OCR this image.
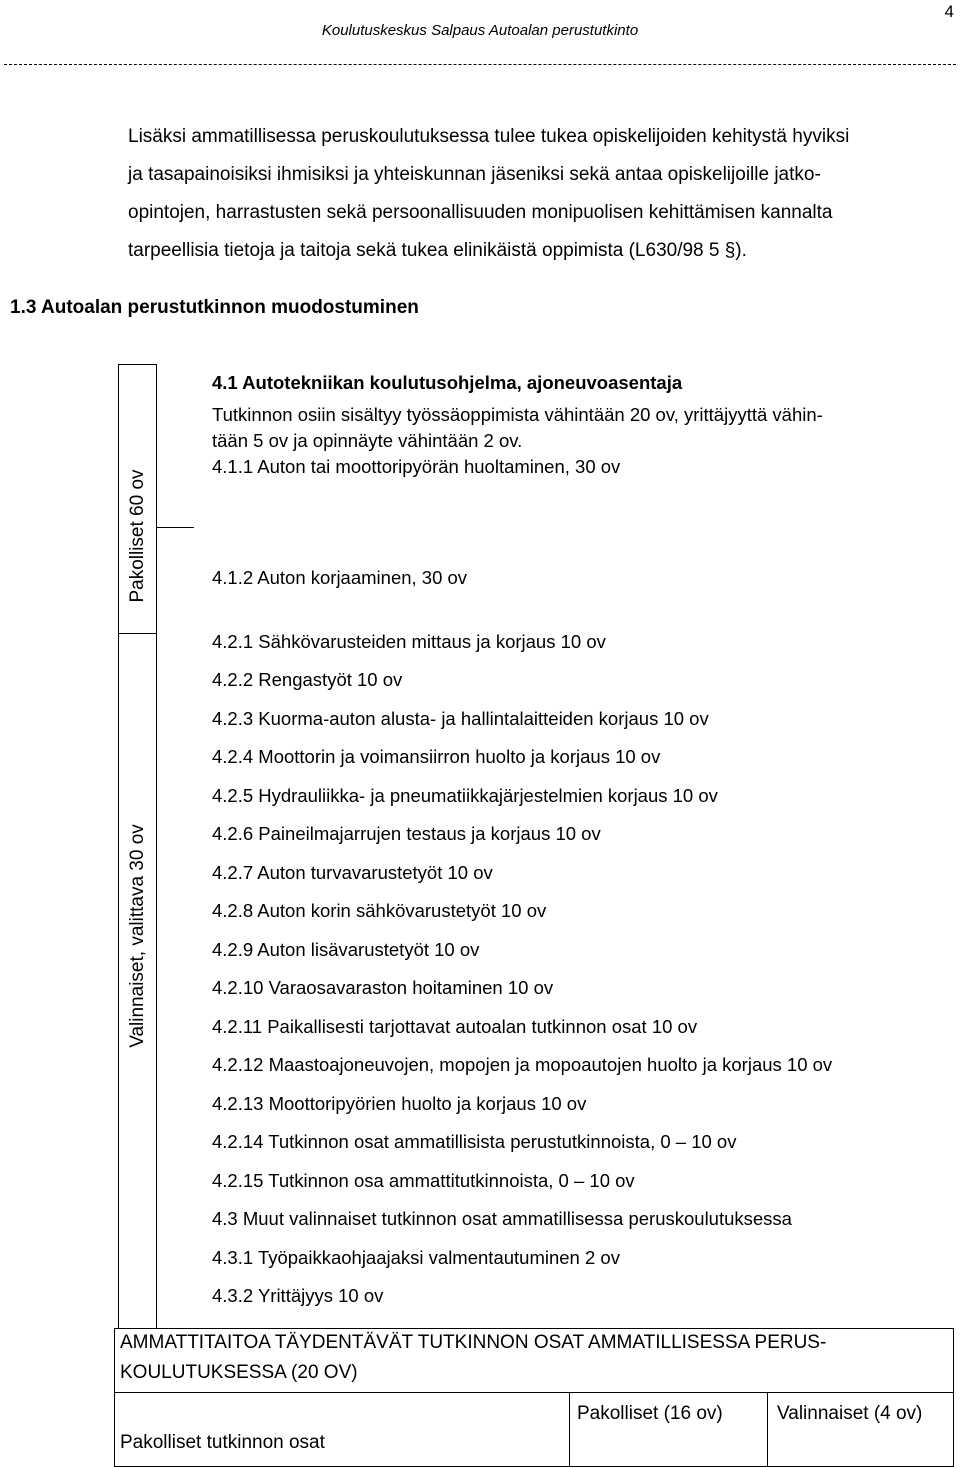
4
Koulutuskeskus Salpaus Autoalan perustutkinto
Lisäksi ammatillisessa peruskoulutuksessa tulee tukea opiskelijoiden kehitystä hyviksi
ja tasapainoisiksi ihmisiksi ja yhteiskunnan jäseniksi sekä antaa opiskelijoille jatko-
opintojen, harrastusten sekä persoonallisuuden monipuolisen kehittämisen kannalta
tarpeellisia tietoja ja taitoja sekä tukea elinikäistä oppimista (L630/98 5 §).
1.3 Autoalan perustutkinnon muodostuminen
Pakolliset 60 ov
Valinnaiset, valittava 30 ov
4.1 Autotekniikan koulutusohjelma, ajoneuvoasentaja
Tutkinnon osiin sisältyy työssäoppimista vähintään 20 ov, yrittäjyyttä vähin-
tään 5 ov ja opinnäyte vähintään 2 ov.
4.1.1 Auton tai moottoripyörän huoltaminen, 30 ov
4.1.2 Auton korjaaminen, 30 ov
4.2.1 Sähkövarusteiden mittaus ja korjaus 10 ov
4.2.2 Rengastyöt 10 ov
4.2.3 Kuorma-auton alusta- ja hallintalaitteiden korjaus 10 ov
4.2.4 Moottorin ja voimansiirron huolto ja korjaus 10 ov
4.2.5 Hydrauliikka- ja pneumatiikkajärjestelmien korjaus 10 ov
4.2.6 Paineilmajarrujen testaus ja korjaus 10 ov
4.2.7 Auton turvavarustetyöt 10 ov
4.2.8 Auton korin sähkövarustetyöt 10 ov
4.2.9 Auton lisävarustetyöt 10 ov
4.2.10 Varaosavaraston hoitaminen 10 ov
4.2.11 Paikallisesti tarjottavat autoalan tutkinnon osat 10 ov
4.2.12 Maastoajoneuvojen, mopojen ja mopoautojen huolto ja korjaus 10 ov
4.2.13 Moottoripyörien huolto ja korjaus 10 ov
4.2.14 Tutkinnon osat ammatillisista perustutkinnoista, 0 – 10 ov
4.2.15 Tutkinnon osa ammattitutkinnoista, 0 – 10 ov
4.3 Muut valinnaiset tutkinnon osat ammatillisessa peruskoulutuksessa
4.3.1 Työpaikkaohjaajaksi valmentautuminen 2 ov
4.3.2 Yrittäjyys 10 ov
AMMATTITAITOA TÄYDENTÄVÄT TUTKINNON OSAT AMMATILLISESSA PERUS-
KOULUTUKSESSA (20 OV)
Pakolliset tutkinnon osat
Pakolliset (16 ov)	Valinnaiset (4 ov)
